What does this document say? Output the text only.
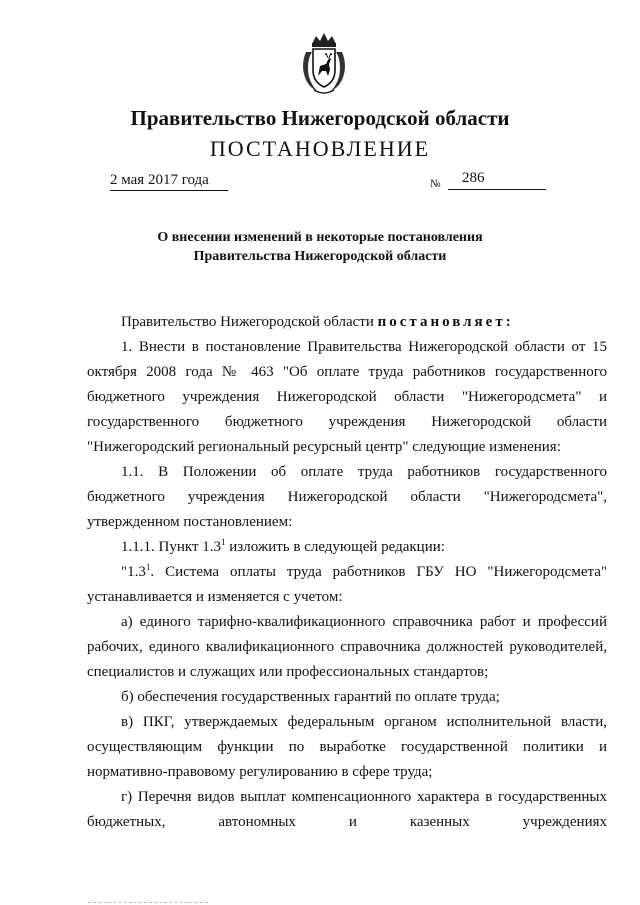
Правительство Нижегородской области
ПОСТАНОВЛЕНИЕ
2 мая 2017 года	№ 286
О внесении изменений в некоторые постановления
Правительства Нижегородской области

Правительство Нижегородской области постановляет:

1. Внести в постановление Правительства Нижегородской области от 15 октября 2008 года № 463 "Об оплате труда работников государственного бюджетного учреждения Нижегородской области "Нижегородсмета" и государственного бюджетного учреждения Нижегородской области "Нижегородский региональный ресурсный центр" следующие изменения:

1.1. В Положении об оплате труда работников государственного бюджетного учреждения Нижегородской области "Нижегородсмета", утвержденном постановлением:

1.1.1. Пункт $1.3^1$ изложить в следующей редакции:

"$1.3^1$. Система оплаты труда работников ГБУ НО "Нижегородсмета" устанавливается и изменяется с учетом:

а) единого тарифно-квалификационного справочника работ и профессий рабочих, единого квалификационного справочника должностей руководителей, специалистов и служащих или профессиональных стандартов;

б) обеспечения государственных гарантий по оплате труда;

в) ПКГ, утверждаемых федеральным органом исполнительной власти, осуществляющим функции по выработке государственной политики и нормативно-правовому регулированию в сфере труда;

г) Перечня видов выплат компенсационного характера в государственных бюджетных, автономных и казенных учреждениях
